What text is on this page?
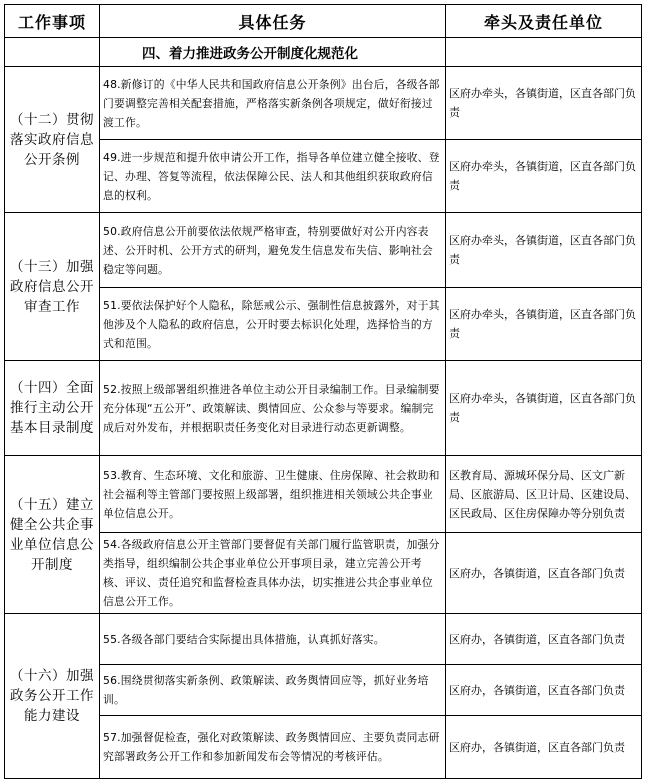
工作事项	具体任务	牵头及责任单位
	四、着力推进政务公开制度化规范化	
（十二）贯彻落实政府信息公开条例	48.新修订的《中华人民共和国政府信息公开条例》出台后，各级各部门要调整完善相关配套措施，严格落实新条例各项规定，做好衔接过渡工作。	区府办牵头，各镇街道，区直各部门负责
	49.进一步规范和提升依申请公开工作，指导各单位建立健全接收、登记、办理、答复等流程，依法保障公民、法人和其他组织获取政府信息的权利。	区府办牵头，各镇街道，区直各部门负责
（十三）加强政府信息公开审查工作	50.政府信息公开前要依法依规严格审查，特别要做好对公开内容表述、公开时机、公开方式的研判，避免发生信息发布失信、影响社会稳定等问题。	区府办牵头，各镇街道，区直各部门负责
	51.要依法保护好个人隐私，除惩戒公示、强制性信息披露外，对于其他涉及个人隐私的政府信息，公开时要去标识化处理，选择恰当的方式和范围。	区府办牵头，各镇街道，区直各部门负责
（十四）全面推行主动公开基本目录制度	52.按照上级部署组织推进各单位主动公开目录编制工作。目录编制要充分体现“五公开”、政策解读、舆情回应、公众参与等要求。编制完成后对外发布，并根据职责任务变化对目录进行动态更新调整。	区府办牵头，各镇街道，区直各部门负责
（十五）建立健全公共企事业单位信息公开制度	53.教育、生态环境、文化和旅游、卫生健康、住房保障、社会救助和社会福利等主管部门要按照上级部署，组织推进相关领域公共企事业单位信息公开。	区教育局、源城环保分局、区文广新局、区旅游局、区卫计局、区建设局、区民政局、区住房保障办等分别负责
	54.各级政府信息公开主管部门要督促有关部门履行监管职责，加强分类指导，组织编制公共企事业单位公开事项目录，建立完善公开考核、评议、责任追究和监督检查具体办法，切实推进公共企事业单位信息公开工作。	区府办，各镇街道，区直各部门负责
（十六）加强政务公开工作能力建设	55.各级各部门要结合实际提出具体措施，认真抓好落实。	区府办，各镇街道，区直各部门负责
	56.围绕贯彻落实新条例、政策解读、政务舆情回应等，抓好业务培训。	区府办，各镇街道，区直各部门负责
	57.加强督促检查，强化对政策解读、政务舆情回应、主要负责同志研究部署政务公开工作和参加新闻发布会等情况的考核评估。	区府办，各镇街道，区直各部门负责
